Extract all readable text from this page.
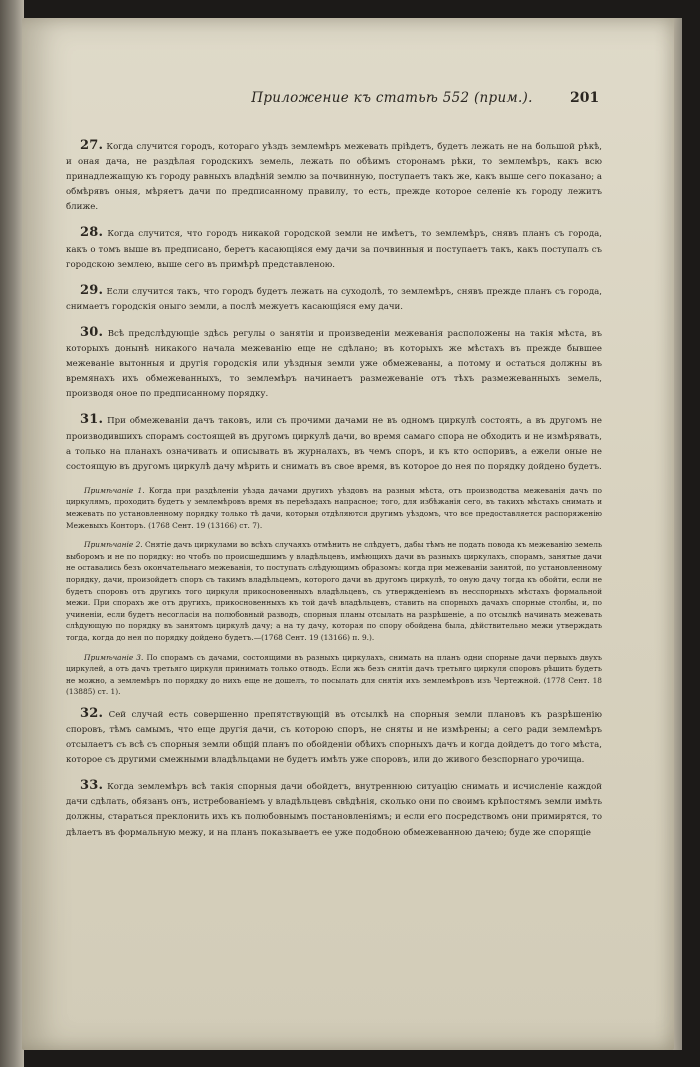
Приложение къ статьѣ 552 (прим.).	201

27. Когда случится городъ, котораго уѣздъ землемѣръ межевать пріѣдетъ, будетъ лежать не на большой рѣкѣ, и оная дача, не раздѣлая городскихъ земель, лежать по обѣимъ сторонамъ рѣки, то землемѣръ, какъ всю принадлежащую къ городу равныхъ владѣній землю за почвинную, поступаетъ такъ же, какъ выше сего показано; а обмѣрявъ оныя, мѣряетъ дачи по предписанному правилу, то есть, прежде которое селеніе къ городу лежитъ ближе.

28. Когда случится, что городъ никакой городской земли не имѣетъ, то землемѣръ, снявъ планъ съ города, какъ о томъ выше въ предписано, беретъ касающіяся ему дачи за почвинныя и поступаетъ такъ, какъ поступалъ съ городскою землею, выше сего въ примѣрѣ представленою.

29. Если случится такъ, что городъ будетъ лежать на суходолѣ, то землемѣръ, снявъ прежде планъ съ города, снимаетъ городскія оныго земли, а послѣ межуетъ касающіяся ему дачи.

30. Всѣ предслѣдующіе здѣсь регулы о занятіи и произведеніи межеванія расположены на такія мѣста, въ которыхъ донынѣ никакого начала межеванію еще не сдѣлано; въ которыхъ же мѣстахъ въ прежде бывшее межеваніе вытонныя и другія городскія или уѣздныя земли уже обмежеваны, а потому и остаться должны въ времянахъ ихъ обмежеванныхъ, то землемѣръ начинаетъ размежеваніе отъ тѣхъ размежеванныхъ земель, производя оное по предписанному порядку.

31. При обмежеваніи дачъ таковъ, или съ прочими дачами не въ одномъ циркулѣ состоять, а въ другомъ не производившихъ спорамъ состоящей въ другомъ циркулѣ дачи, во время самаго спора не обходить и не измѣрявать, а только на планахъ означивать и описывать въ журналахъ, въ чемъ споръ, и къ кто оспоривъ, а ежели оные не состоящую въ другомъ циркулѣ дачу мѣрить и снимать въ свое время, въ которое до нея по порядку дойдено будетъ.

Примѣчаніе 1. Когда при раздѣленіи уѣзда дачами другихъ уѣздовъ на разныя мѣста, отъ производства межеванія дачъ по циркулямъ, проходить будетъ у землемѣровъ время въ переѣздахъ напрасное; того, для избѣжанія сего, въ такихъ мѣстахъ снимать и межевать по установленному порядку только тѣ дачи, которыя отдѣляются другимъ уѣздомъ, что все предоставляется распоряженію Межевыхъ Конторъ. (1768 Сент. 19 (13166) ст. 7).

Примѣчаніе 2. Снятіе дачъ циркулами во всѣхъ случаяхъ отмѣнить не слѣдуетъ, дабы тѣмъ не подать повода къ межеванію земель выборомъ и не по порядку: но чтобъ по происшедшимъ у владѣльцевъ, имѣющихъ дачи въ разныхъ циркулахъ, спорамъ, занятые дачи не оставались безъ окончательнаго межеванія, то поступать слѣдующимъ образомъ: когда при межеваніи занятой, по установленному порядку, дачи, произойдетъ споръ съ такимъ владѣльцемъ, которого дачи въ другомъ циркулѣ, то оную дачу тогда къ обойти, если не будетъ споровъ отъ другихъ того циркуля прикосновенныхъ владѣльцевъ, съ утвержденіемъ въ несспорныхъ мѣстахъ формальной межи. При спорахъ же отъ другихъ, прикосновенныхъ къ той дачѣ владѣльцевъ, ставить на спорныхъ дачахъ спорные столбы, и, по учиненіи, если будетъ несогласія на полюбовный разводъ, спорныя планы отсылать на разрѣшеніе, а по отсылкѣ начинать межевать слѣдующую по порядку въ занятомъ циркулѣ дачу; а на ту дачу, которая по спору обойдена была, дѣйствительно межи утверждать тогда, когда до нея по порядку дойдено будетъ.—(1768 Сент. 19 (13166) п. 9.).

Примѣчаніе 3. По спорамъ съ дачами, состоящими въ разныхъ циркулахъ, снимать на планъ одни спорные дачи первыхъ двухъ циркулей, а отъ дачъ третьяго циркуля принимать только отводъ. Если жъ безъ снятія дачъ третьяго циркуля споровъ рѣшить будетъ не можно, а землемѣръ по порядку до нихъ еще не дошелъ, то посылать для снятія ихъ землемѣровъ изъ Чертежной. (1778 Сент. 18 (13885) ст. 1).

32. Сей случай есть совершенно препятствующій въ отсылкѣ на спорныя земли плановъ къ разрѣшенію споровъ, тѣмъ самымъ, что еще другія дачи, съ которою споръ, не сняты и не измѣрены; а сего ради землемѣръ отсылаетъ съ всѣ съ спорныя земли общій планъ по обойденіи обѣихъ спорныхъ дачъ и когда дойдетъ до того мѣста, которое съ другими смежными владѣльцами не будетъ имѣть уже споровъ, или до живого безспорнаго урочища.

33. Когда землемѣръ всѣ такія спорныя дачи обойдетъ, внутреннюю ситуацію снимать и исчисленіе каждой дачи сдѣлать, обязанъ онъ, истребованіемъ у владѣльцевъ свѣдѣнія, сколько они по своимъ крѣпостямъ земли имѣть должны, стараться преклонить ихъ къ полюбовнымъ постановленіямъ; и если его посредствомъ они примирятся, то дѣлаетъ въ формальную межу, и на планъ показываетъ ее уже подобною обмежеванною дачею; буде же спорящіе
